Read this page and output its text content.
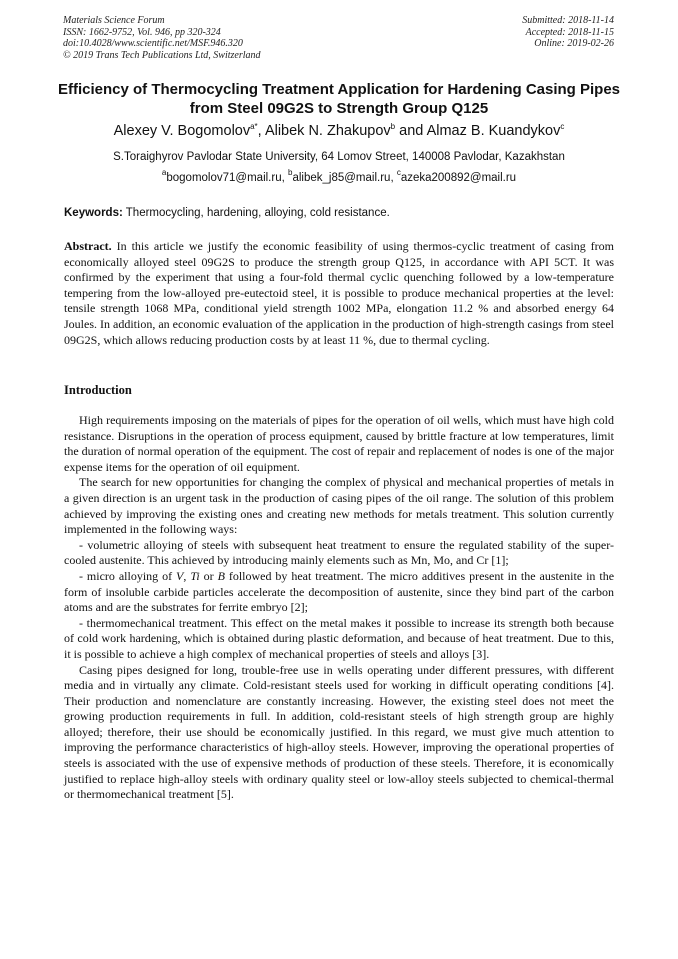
Materials Science Forum
ISSN: 1662-9752, Vol. 946, pp 320-324
doi:10.4028/www.scientific.net/MSF.946.320
© 2019 Trans Tech Publications Ltd, Switzerland
Submitted: 2018-11-14
Accepted: 2018-11-15
Online: 2019-02-26
Efficiency of Thermocycling Treatment Application for Hardening Casing Pipes from Steel 09G2S to Strength Group Q125
Alexey V. Bogomolov$^{a*}$, Alibek N. Zhakupov$^b$ and Almaz B. Kuandykov$^c$
S.Toraighyrov Pavlodar State University, 64 Lomov Street, 140008 Pavlodar, Kazakhstan
$^a$bogomolov71@mail.ru, $^b$alibek_j85@mail.ru, $^c$azeka200892@mail.ru
Keywords: Thermocycling, hardening, alloying, cold resistance.

Abstract. In this article we justify the economic feasibility of using thermos-cyclic treatment of casing from economically alloyed steel 09G2S to produce the strength group Q125, in accordance with API 5CT. It was confirmed by the experiment that using a four-fold thermal cyclic quenching followed by a low-temperature tempering from the low-alloyed pre-eutectoid steel, it is possible to produce mechanical properties at the level: tensile strength 1068 MPa, conditional yield strength 1002 MPa, elongation 11.2 % and absorbed energy 64 Joules. In addition, an economic evaluation of the application in the production of high-strength casings from steel 09G2S, which allows reducing production costs by at least 11 %, due to thermal cycling.

Introduction

High requirements imposing on the materials of pipes for the operation of oil wells, which must have high cold resistance. Disruptions in the operation of process equipment, caused by brittle fracture at low temperatures, limit the duration of normal operation of the equipment. The cost of repair and replacement of nodes is one of the major expense items for the operation of oil equipment.

The search for new opportunities for changing the complex of physical and mechanical properties of metals in a given direction is an urgent task in the production of casing pipes of the oil range. The solution of this problem achieved by improving the existing ones and creating new methods for metals treatment. This solution currently implemented in the following ways:

- volumetric alloying of steels with subsequent heat treatment to ensure the regulated stability of the super-cooled austenite. This achieved by introducing mainly elements such as Mn, Mo, and Cr [1];

- micro alloying of V, Ti or B followed by heat treatment. The micro additives present in the austenite in the form of insoluble carbide particles accelerate the decomposition of austenite, since they bind part of the carbon atoms and are the substrates for ferrite embryo [2];

- thermomechanical treatment. This effect on the metal makes it possible to increase its strength both because of cold work hardening, which is obtained during plastic deformation, and because of heat treatment. Due to this, it is possible to achieve a high complex of mechanical properties of steels and alloys [3].

Casing pipes designed for long, trouble-free use in wells operating under different pressures, with different media and in virtually any climate. Cold-resistant steels used for working in difficult operating conditions [4]. Their production and nomenclature are constantly increasing. However, the existing steel does not meet the growing production requirements in full. In addition, cold-resistant steels of high strength group are highly alloyed; therefore, their use should be economically justified. In this regard, we must give much attention to improving the performance characteristics of high-alloy steels. However, improving the operational properties of steels is associated with the use of expensive methods of production of these steels. Therefore, it is economically justified to replace high-alloy steels with ordinary quality steel or low-alloy steels subjected to chemical-thermal or thermomechanical treatment [5].
